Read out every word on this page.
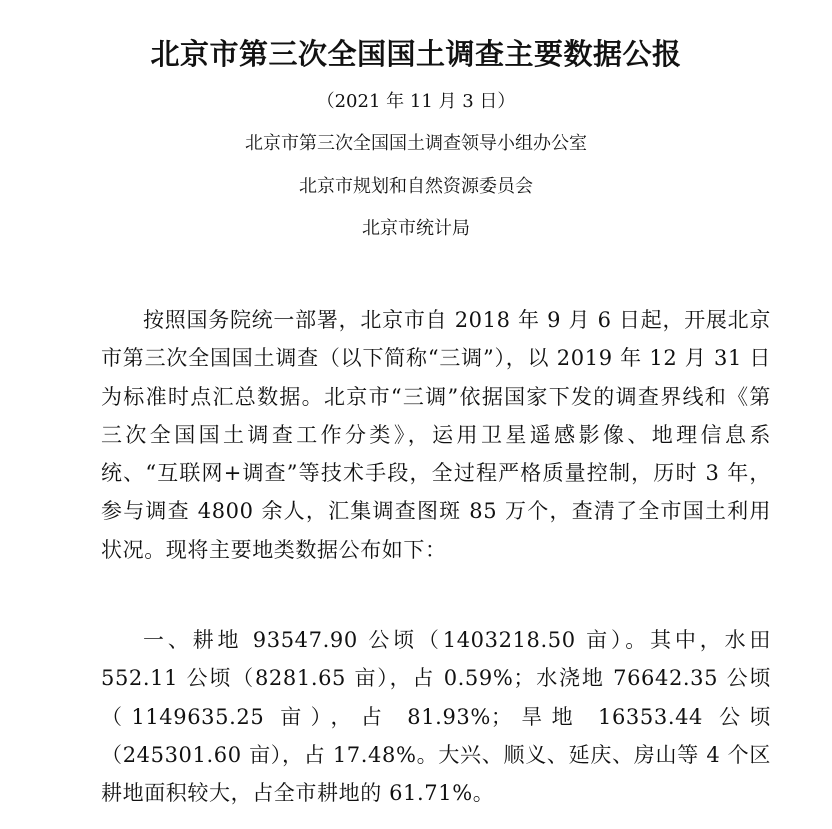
北京市第三次全国国土调查主要数据公报
（2021 年 11 月 3 日）
北京市第三次全国国土调查领导小组办公室
北京市规划和自然资源委员会
北京市统计局

按照国务院统一部署，北京市自 2018 年 9 月 6 日起，开展北京市第三次全国国土调查（以下简称“三调”），以 2019 年 12 月 31 日为标准时点汇总数据。北京市“三调”依据国家下发的调查界线和《第三次全国国土调查工作分类》，运用卫星遥感影像、地理信息系统、“互联网+调查”等技术手段，全过程严格质量控制，历时 3 年，参与调查 4800 余人，汇集调查图斑 85 万个，查清了全市国土利用状况。现将主要地类数据公布如下：

一、耕地 93547.90 公顷（1403218.50 亩）。其中，水田 552.11 公顷（8281.65 亩），占 0.59%；水浇地 76642.35 公顷（1149635.25 亩），占 81.93%；旱地 16353.44 公顷（245301.60 亩），占 17.48%。大兴、顺义、延庆、房山等 4 个区耕地面积较大，占全市耕地的 61.71%。
